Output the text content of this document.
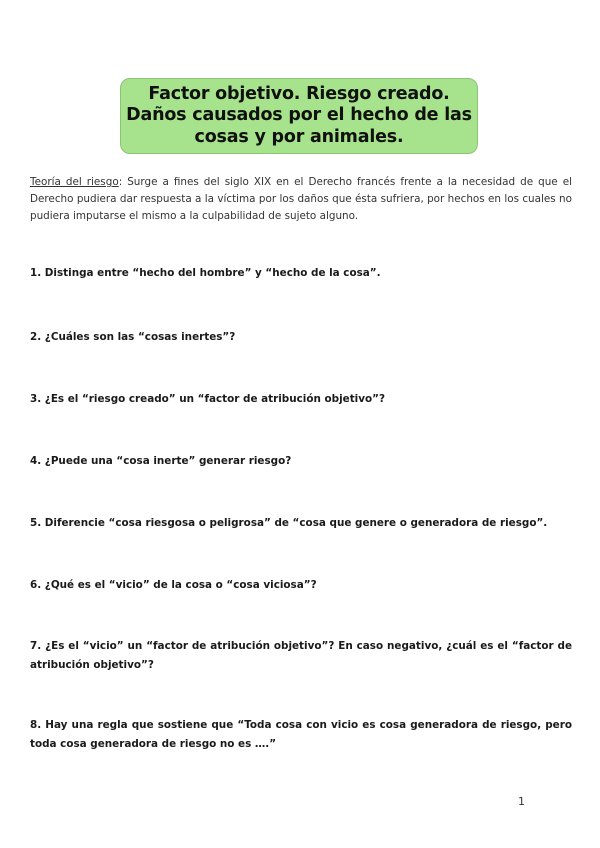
Factor objetivo. Riesgo creado.
Daños causados por el hecho de las
cosas y por animales.
Teoría del riesgo: Surge a fines del siglo XIX en el Derecho francés frente a la necesidad de que el Derecho pudiera dar respuesta a la víctima por los daños que ésta sufriera, por hechos en los cuales no pudiera imputarse el mismo a la culpabilidad de sujeto alguno.

1. Distinga entre “hecho del hombre” y “hecho de la cosa”.

2. ¿Cuáles son las “cosas inertes”?

3. ¿Es el “riesgo creado” un “factor de atribución objetivo”?

4. ¿Puede una “cosa inerte” generar riesgo?

5. Diferencie “cosa riesgosa o peligrosa” de “cosa que genere o generadora de riesgo”.

6. ¿Qué es el “vicio” de la cosa o “cosa viciosa”?

7. ¿Es el “vicio” un “factor de atribución objetivo”? En caso negativo, ¿cuál es el “factor de atribución objetivo”?

8. Hay una regla que sostiene que “Toda cosa con vicio es cosa generadora de riesgo, pero toda cosa generadora de riesgo no es ….”

1
